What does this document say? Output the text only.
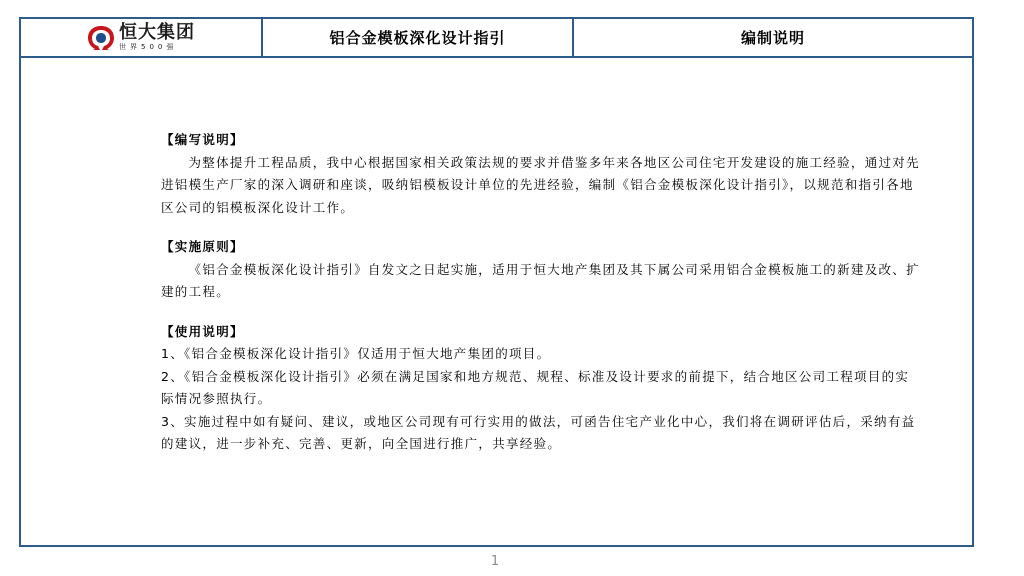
恒大集团
世界500强	铝合金模板深化设计指引	编制说明

【编写说明】

为整体提升工程品质，我中心根据国家相关政策法规的要求并借鉴多年来各地区公司住宅开发建设的施工经验，通过对先进铝模生产厂家的深入调研和座谈，吸纳铝模板设计单位的先进经验，编制《铝合金模板深化设计指引》，以规范和指引各地区公司的铝模板深化设计工作。

【实施原则】

《铝合金模板深化设计指引》自发文之日起实施，适用于恒大地产集团及其下属公司采用铝合金模板施工的新建及改、扩建的工程。

【使用说明】

1、《铝合金模板深化设计指引》仅适用于恒大地产集团的项目。

2、《铝合金模板深化设计指引》必须在满足国家和地方规范、规程、标准及设计要求的前提下，结合地区公司工程项目的实际情况参照执行。

3、实施过程中如有疑问、建议，或地区公司现有可行实用的做法，可函告住宅产业化中心，我们将在调研评估后，采纳有益的建议，进一步补充、完善、更新，向全国进行推广，共享经验。

1
